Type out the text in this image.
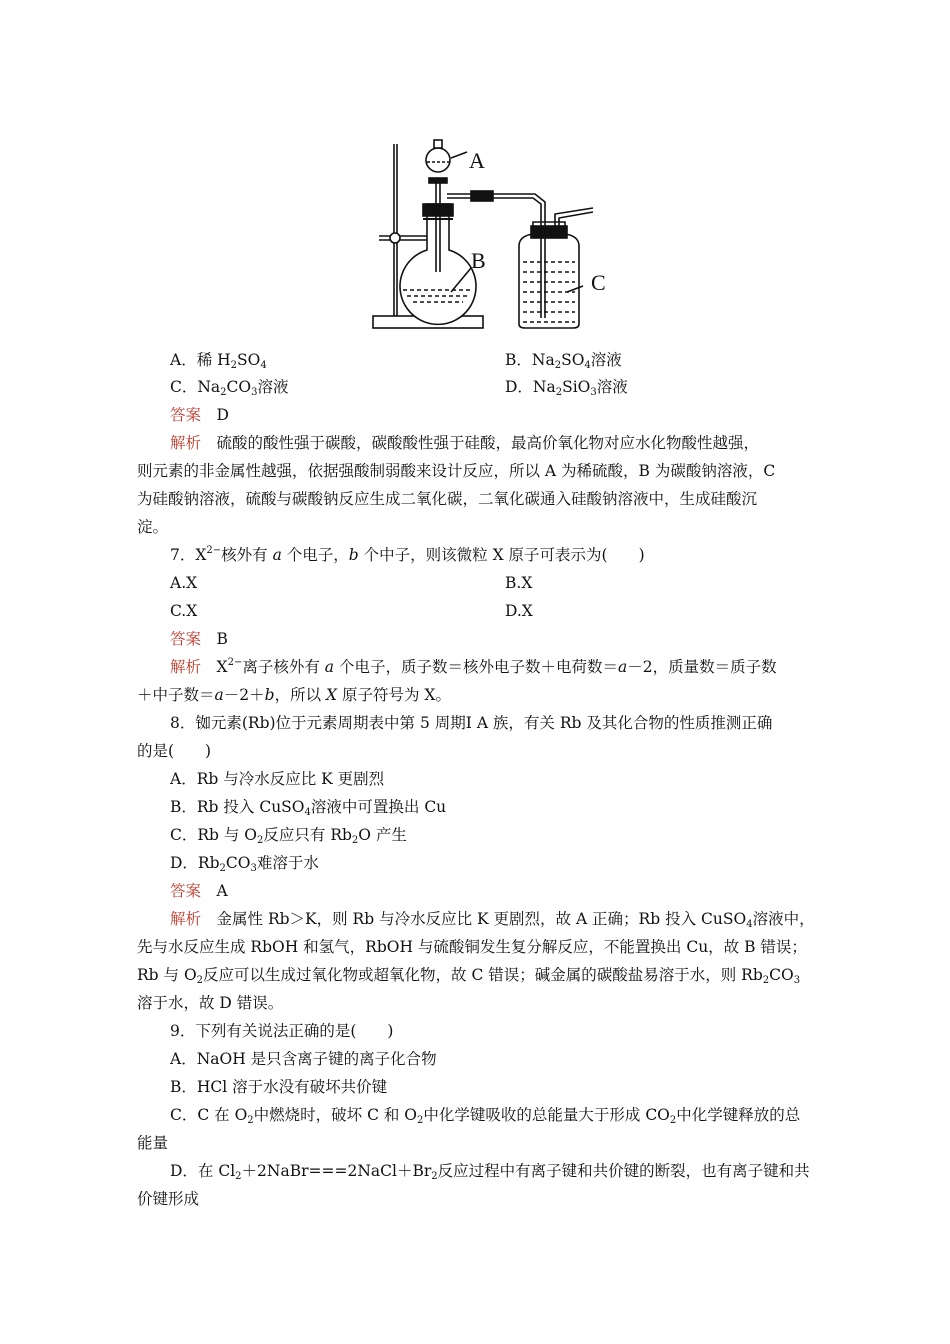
A
B
C
A．稀 $H_2SO_4$	B．$Na_2SO_4$溶液
C．$Na_2CO_3$溶液	D．$Na_2SiO_3$溶液
答案　 D
解析　 硫酸的酸性强于碳酸，碳酸酸性强于硅酸，最高价氧化物对应水化物酸性越强，
则元素的非金属性越强，依据强酸制弱酸来设计反应，所以 A 为稀硫酸，B 为碳酸钠溶液，C
为硅酸钠溶液，硫酸与碳酸钠反应生成二氧化碳，二氧化碳通入硅酸钠溶液中，生成硅酸沉
淀。
7．$X^{2-}$核外有 a 个电子，b 个中子，则该微粒 X 原子可表示为(　　)
A.X	B.X
C.X	D.X
答案　 B
解析　 $X^{2-}$离子核外有 a 个电子，质子数＝核外电子数＋电荷数＝a－2，质量数＝质子数
＋中子数＝a－2＋b，所以 X 原子符号为 X。
8．铷元素(Rb)位于元素周期表中第 5 周期Ⅰ A 族，有关 Rb 及其化合物的性质推测正确
的是(　　)
A．Rb 与冷水反应比 K 更剧烈
B．Rb 投入 CuSO$_4$溶液中可置换出 Cu
C．Rb 与 $O_2$反应只有 $Rb_2O$ 产生
D．$Rb_2CO_3$难溶于水
答案　 A
解析　 金属性 Rb＞K，则 Rb 与冷水反应比 K 更剧烈，故 A 正确；Rb 投入 CuSO$_4$溶液中，
先与水反应生成 RbOH 和氢气，RbOH 与硫酸铜发生复分解反应，不能置换出 Cu，故 B 错误；
Rb 与 $O_2$反应可以生成过氧化物或超氧化物，故 C 错误；碱金属的碳酸盐易溶于水，则 $Rb_2CO_3$
溶于水，故 D 错误。
9．下列有关说法正确的是(　　)
A．NaOH 是只含离子键的离子化合物
B．HCl 溶于水没有破坏共价键
C．C 在 $O_2$中燃烧时，破坏 C 和 $O_2$中化学键吸收的总能量大于形成 $CO_2$中化学键释放的总
能量
D．在 $Cl_2+2NaBr===2NaCl+Br_2$反应过程中有离子键和共价键的断裂，也有离子键和共
价键形成
